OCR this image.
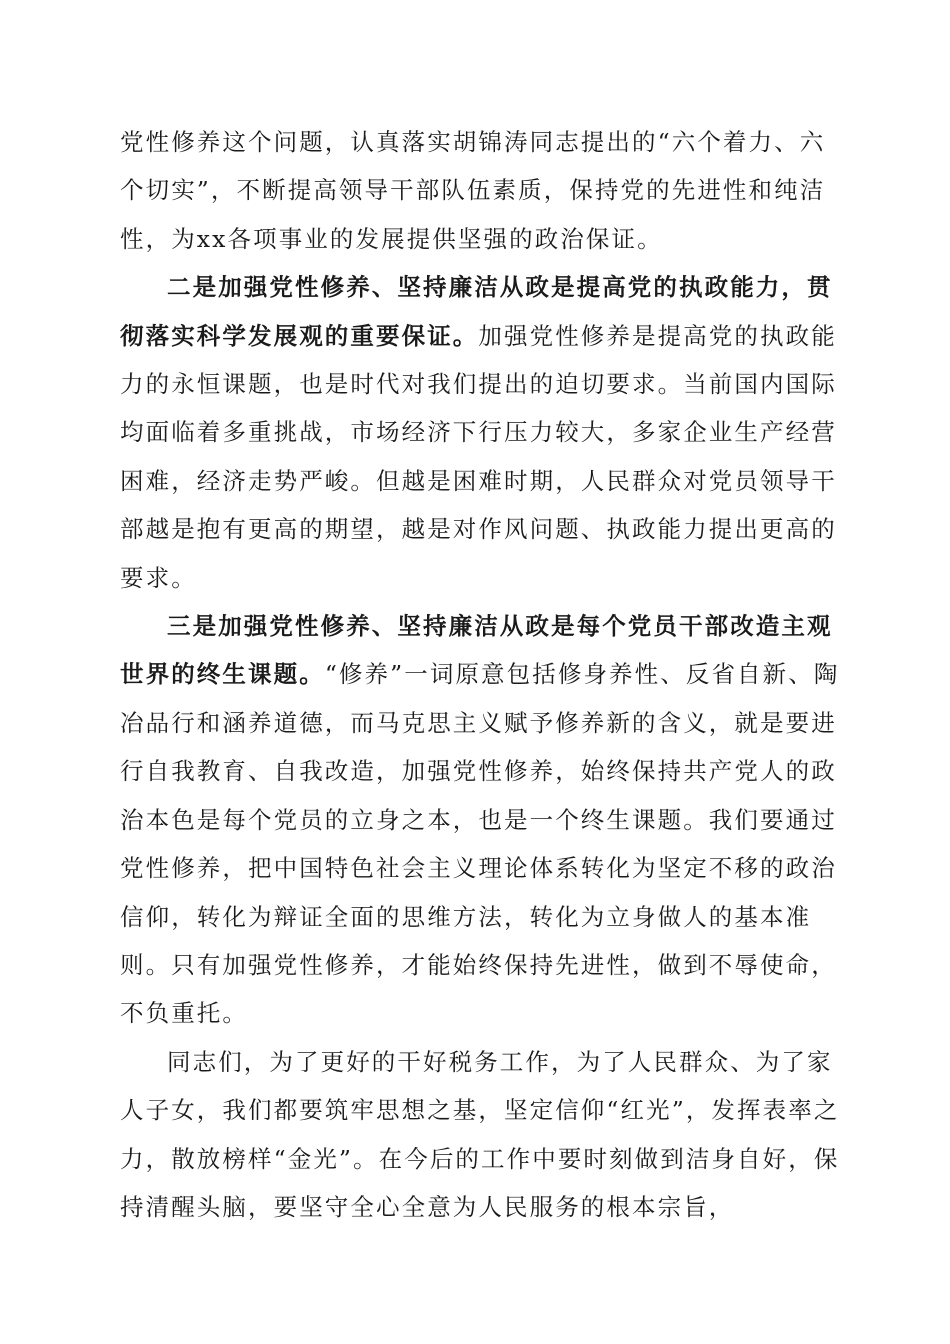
党性修养这个问题，认真落实胡锦涛同志提出的“六个着力、六个切实”，不断提高领导干部队伍素质，保持党的先进性和纯洁性，为xx各项事业的发展提供坚强的政治保证。

二是加强党性修养、坚持廉洁从政是提高党的执政能力，贯彻落实科学发展观的重要保证。加强党性修养是提高党的执政能力的永恒课题，也是时代对我们提出的迫切要求。当前国内国际均面临着多重挑战，市场经济下行压力较大，多家企业生产经营困难，经济走势严峻。但越是困难时期，人民群众对党员领导干部越是抱有更高的期望，越是对作风问题、执政能力提出更高的要求。

三是加强党性修养、坚持廉洁从政是每个党员干部改造主观世界的终生课题。“修养”一词原意包括修身养性、反省自新、陶冶品行和涵养道德，而马克思主义赋予修养新的含义，就是要进行自我教育、自我改造，加强党性修养，始终保持共产党人的政治本色是每个党员的立身之本，也是一个终生课题。我们要通过党性修养，把中国特色社会主义理论体系转化为坚定不移的政治信仰，转化为辩证全面的思维方法，转化为立身做人的基本准则。只有加强党性修养，才能始终保持先进性，做到不辱使命，不负重托。

同志们，为了更好的干好税务工作，为了人民群众、为了家人子女，我们都要筑牢思想之基，坚定信仰“红光”，发挥表率之力，散放榜样“金光”。在今后的工作中要时刻做到洁身自好，保持清醒头脑，要坚守全心全意为人民服务的根本宗旨，
